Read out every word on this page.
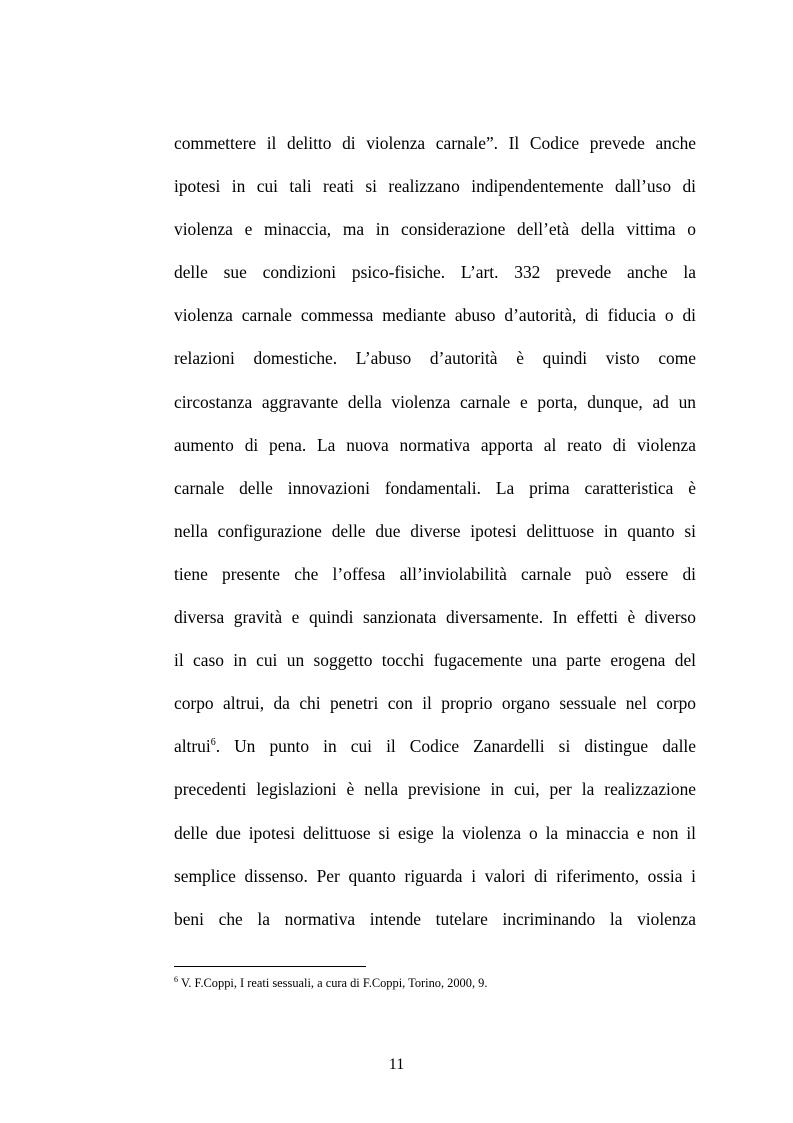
commettere il delitto di violenza carnale”. Il Codice prevede anche
ipotesi in cui tali reati si realizzano indipendentemente dall’uso di
violenza e minaccia, ma in considerazione dell’età della vittima o
delle sue condizioni psico-fisiche. L’art. 332 prevede anche la
violenza carnale commessa mediante abuso d’autorità, di fiducia o di
relazioni domestiche. L’abuso d’autorità è quindi visto come
circostanza aggravante della violenza carnale e porta, dunque, ad un
aumento di pena. La nuova normativa apporta al reato di violenza
carnale delle innovazioni fondamentali. La prima caratteristica è
nella configurazione delle due diverse ipotesi delittuose in quanto si
tiene presente che l’offesa all’inviolabilità carnale può essere di
diversa gravità e quindi sanzionata diversamente. In effetti è diverso
il caso in cui un soggetto tocchi fugacemente una parte erogena del
corpo altrui, da chi penetri con il proprio organo sessuale nel corpo
altrui$^6$. Un punto in cui il Codice Zanardelli si distingue dalle
precedenti legislazioni è nella previsione in cui, per la realizzazione
delle due ipotesi delittuose si esige la violenza o la minaccia e non il
semplice dissenso. Per quanto riguarda i valori di riferimento, ossia i
beni che la normativa intende tutelare incriminando la violenza

$^6$ V. F.Coppi, I reati sessuali, a cura di F.Coppi, Torino, 2000, 9.

11
